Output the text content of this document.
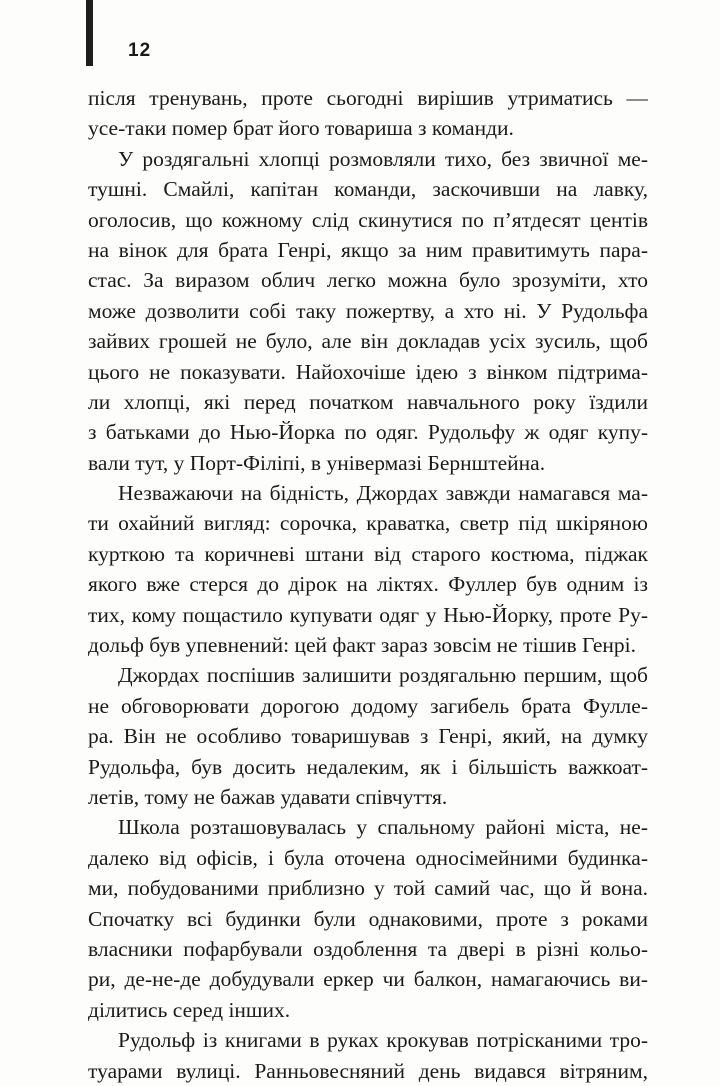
12

після тренувань, проте сьогодні вирішив утриматись —
усе-таки помер брат його товариша з команди.

У роздягальні хлопці розмовляли тихо, без звичної ме-
тушні. Смайлі, капітан команди, заскочивши на лавку,
оголосив, що кожному слід скинутися по п’ятдесят центів
на вінок для брата Генрі, якщо за ним правитимуть пара-
стас. За виразом облич легко можна було зрозуміти, хто
може дозволити собі таку пожертву, а хто ні. У Рудольфа
зайвих грошей не було, але він докладав усіх зусиль, щоб
цього не показувати. Найохочіше ідею з вінком підтрима-
ли хлопці, які перед початком навчального року їздили
з батьками до Нью-Йорка по одяг. Рудольфу ж одяг купу-
вали тут, у Порт-Філіпі, в універмазі Бернштейна.

Незважаючи на бідність, Джордах завжди намагався ма-
ти охайний вигляд: сорочка, краватка, светр під шкіряною
курткою та коричневі штани від старого костюма, піджак
якого вже стерся до дірок на ліктях. Фуллер був одним із
тих, кому пощастило купувати одяг у Нью-Йорку, проте Ру-
дольф був упевнений: цей факт зараз зовсім не тішив Генрі.

Джордах поспішив залишити роздягальню першим, щоб
не обговорювати дорогою додому загибель брата Фулле-
ра. Він не особливо товаришував з Генрі, який, на думку
Рудольфа, був досить недалеким, як і більшість важкоат-
летів, тому не бажав удавати співчуття.

Школа розташовувалась у спальному районі міста, не-
далеко від офісів, і була оточена односімейними будинка-
ми, побудованими приблизно у той самий час, що й вона.
Спочатку всі будинки були однаковими, проте з роками
власники пофарбували оздоблення та двері в різні кольо-
ри, де-не-де добудували еркер чи балкон, намагаючись ви-
ділитись серед інших.

Рудольф із книгами в руках крокував потрісканими тро-
туарами вулиці. Ранньовесняний день видався вітряним,
